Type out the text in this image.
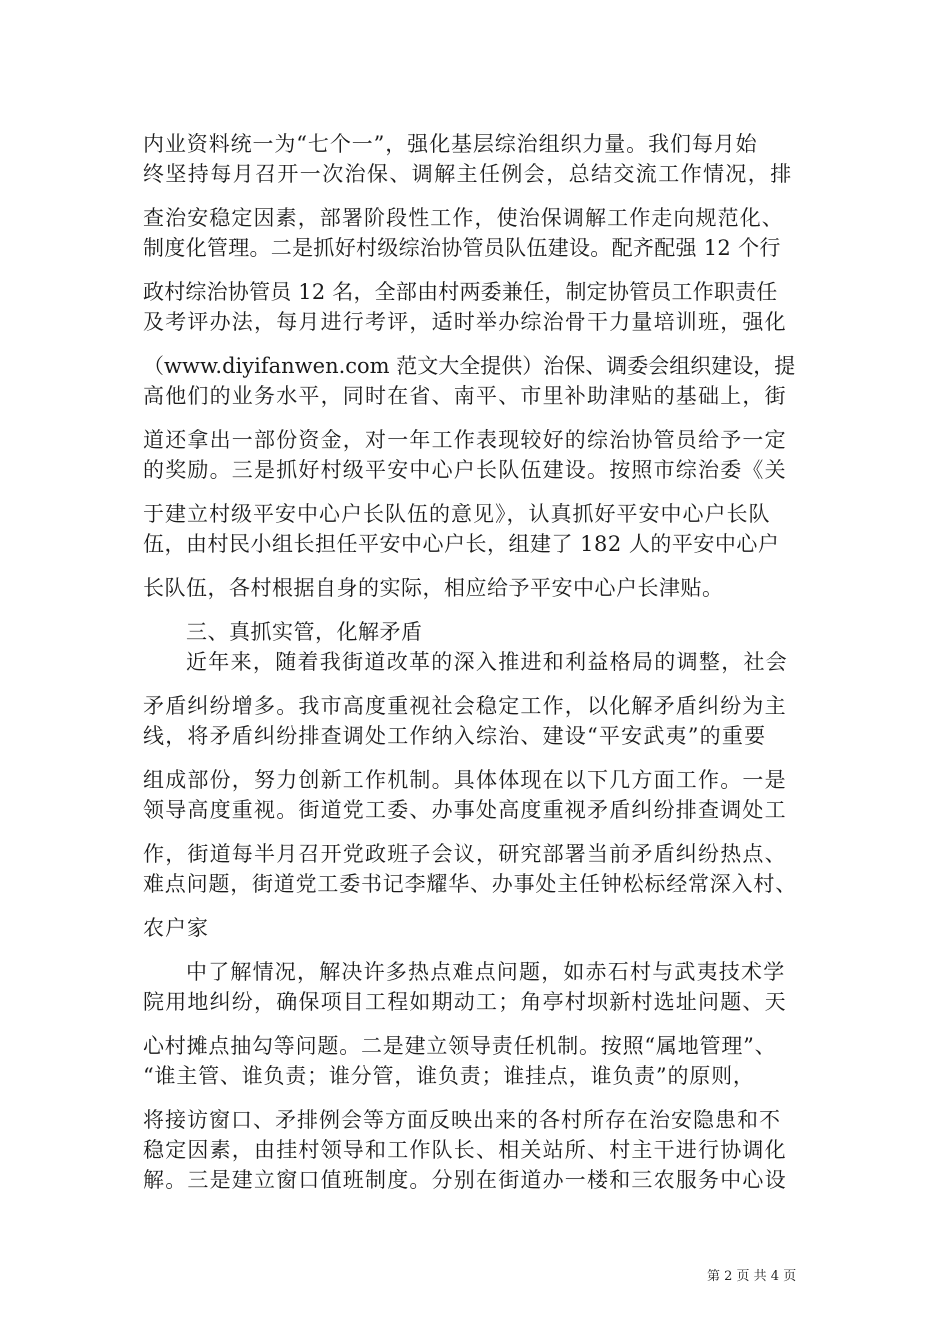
内业资料统一为“七个一”，强化基层综治组织力量。我们每月始
终坚持每月召开一次治保、调解主任例会，总结交流工作情况，排
查治安稳定因素，部署阶段性工作，使治保调解工作走向规范化、
制度化管理。二是抓好村级综治协管员队伍建设。配齐配强 12 个行
政村综治协管员 12 名，全部由村两委兼任，制定协管员工作职责任
及考评办法，每月进行考评，适时举办综治骨干力量培训班，强化
（www.diyifanwen.com 范文大全提供）治保、调委会组织建设，提
高他们的业务水平，同时在省、南平、市里补助津贴的基础上，街
道还拿出一部份资金，对一年工作表现较好的综治协管员给予一定
的奖励。三是抓好村级平安中心户长队伍建设。按照市综治委《关
于建立村级平安中心户长队伍的意见》，认真抓好平安中心户长队
伍，由村民小组长担任平安中心户长，组建了 182 人的平安中心户
长队伍，各村根据自身的实际，相应给予平安中心户长津贴。
三、真抓实管，化解矛盾
近年来，随着我街道改革的深入推进和利益格局的调整，社会
矛盾纠纷增多。我市高度重视社会稳定工作，以化解矛盾纠纷为主
线，将矛盾纠纷排查调处工作纳入综治、建设“平安武夷”的重要
组成部份，努力创新工作机制。具体体现在以下几方面工作。一是
领导高度重视。街道党工委、办事处高度重视矛盾纠纷排查调处工
作，街道每半月召开党政班子会议，研究部署当前矛盾纠纷热点、
难点问题，街道党工委书记李耀华、办事处主任钟松标经常深入村、
农户家
中了解情况，解决许多热点难点问题，如赤石村与武夷技术学
院用地纠纷，确保项目工程如期动工；角亭村坝新村选址问题、天
心村摊点抽勾等问题。二是建立领导责任机制。按照“属地管理”、
“谁主管、谁负责；谁分管，谁负责；谁挂点，谁负责”的原则，
将接访窗口、矛排例会等方面反映出来的各村所存在治安隐患和不
稳定因素，由挂村领导和工作队长、相关站所、村主干进行协调化
解。三是建立窗口值班制度。分别在街道办一楼和三农服务中心设
第 2 页 共 4 页
